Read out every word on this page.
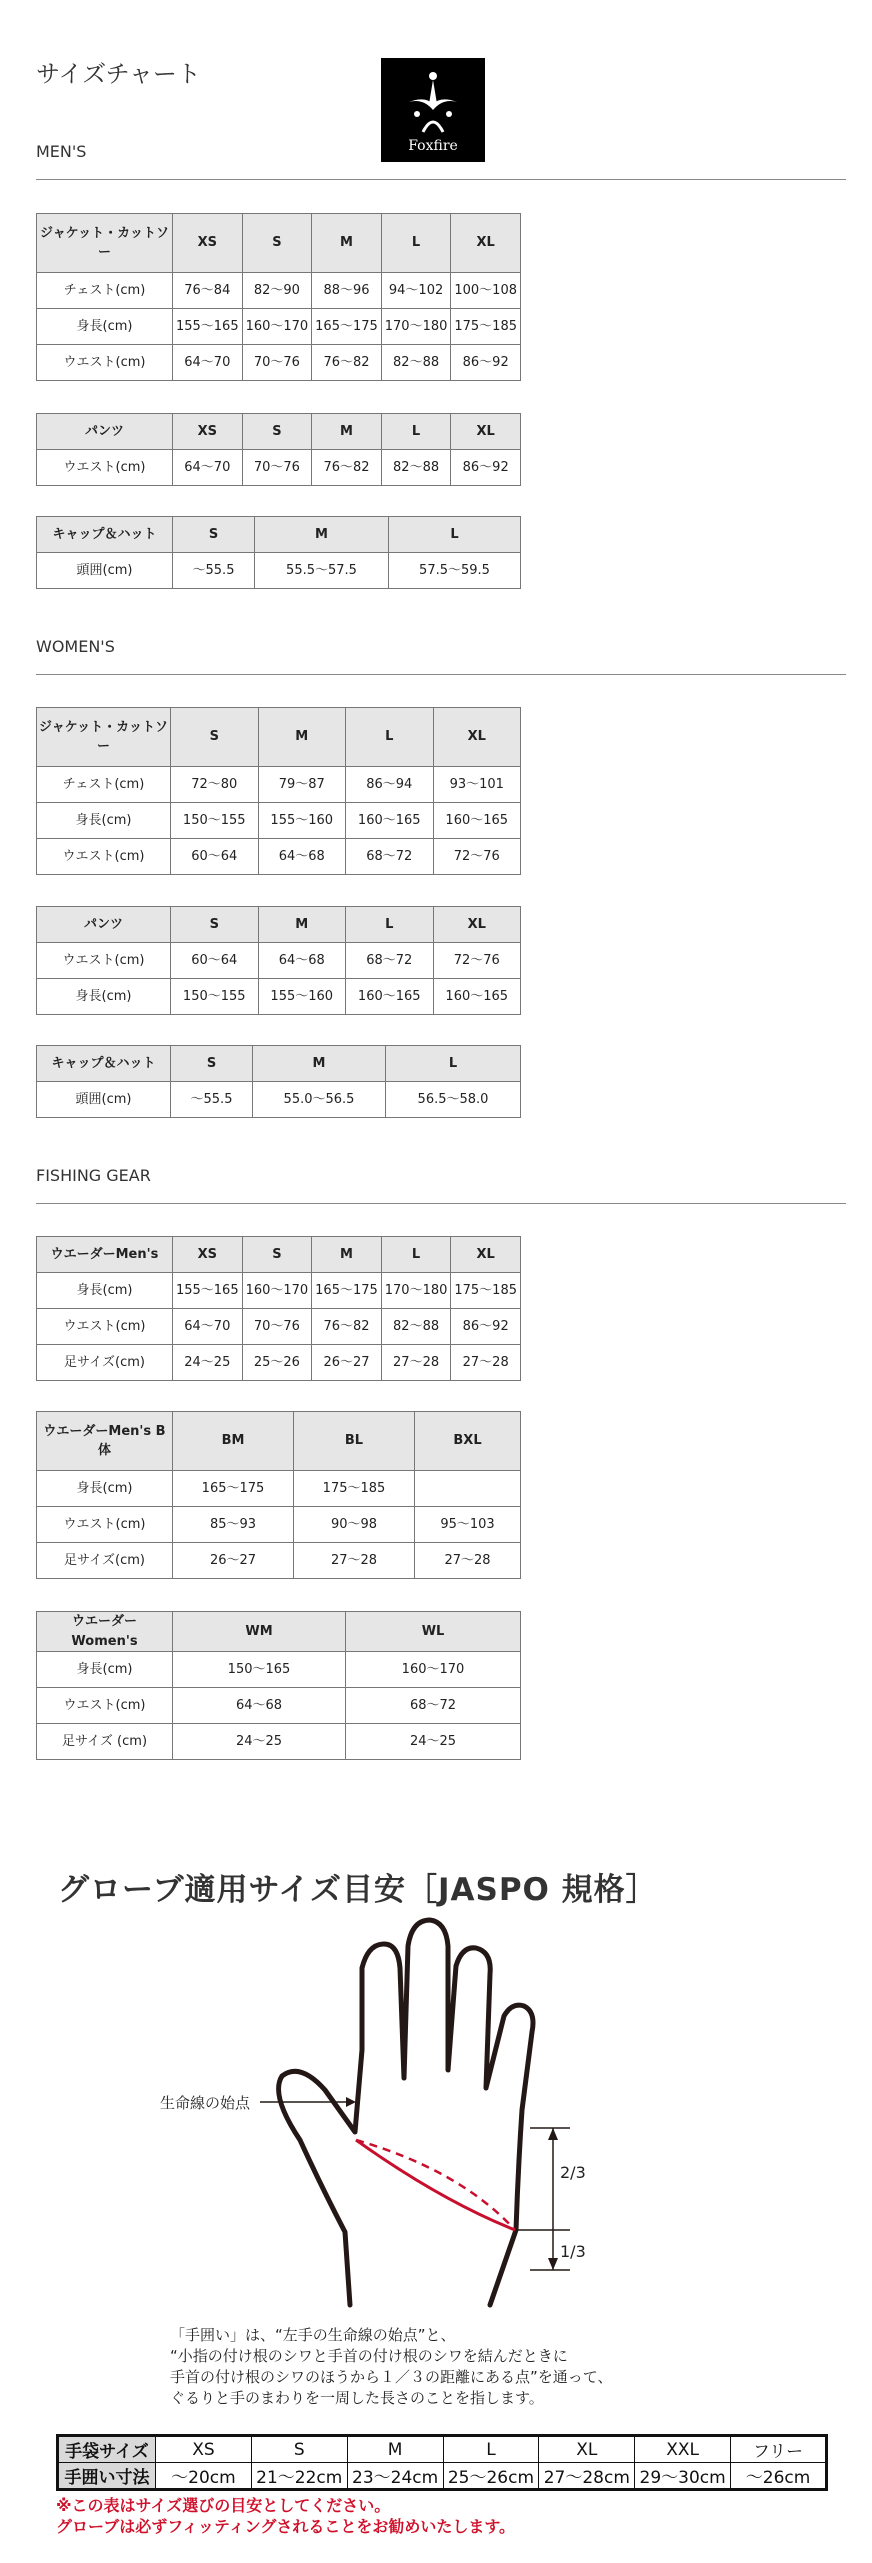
サイズチャート
Foxfire
MEN'S
ジャケット・カットソー	XS	S	M	L	XL
チェスト(cm)	76〜84	82〜90	88〜96	94〜102	100〜108
身長(cm)	155〜165	160〜170	165〜175	170〜180	175〜185
ウエスト(cm)	64〜70	70〜76	76〜82	82〜88	86〜92
パンツ	XS	S	M	L	XL
ウエスト(cm)	64〜70	70〜76	76〜82	82〜88	86〜92
キャップ＆ハット	S	M	L
頭囲(cm)	〜55.5	55.5〜57.5	57.5〜59.5
WOMEN'S
ジャケット・カットソー	S	M	L	XL
チェスト(cm)	72〜80	79〜87	86〜94	93〜101
身長(cm)	150〜155	155〜160	160〜165	160〜165
ウエスト(cm)	60〜64	64〜68	68〜72	72〜76
パンツ	S	M	L	XL
ウエスト(cm)	60〜64	64〜68	68〜72	72〜76
身長(cm)	150〜155	155〜160	160〜165	160〜165
キャップ＆ハット	S	M	L
頭囲(cm)	〜55.5	55.0〜56.5	56.5〜58.0
FISHING GEAR
ウエーダーMen's	XS	S	M	L	XL
身長(cm)	155〜165	160〜170	165〜175	170〜180	175〜185
ウエスト(cm)	64〜70	70〜76	76〜82	82〜88	86〜92
足サイズ(cm)	24〜25	25〜26	26〜27	27〜28	27〜28
ウエーダーMen's B体	BM	BL	BXL
身長(cm)	165〜175	175〜185	
ウエスト(cm)	85〜93	90〜98	95〜103
足サイズ(cm)	26〜27	27〜28	27〜28
ウエーダーWomen's	WM	WL
身長(cm)	150〜165	160〜170
ウエスト(cm)	64〜68	68〜72
足サイズ (cm)	24〜25	24〜25
グローブ適用サイズ目安［JASPO 規格］
生命線の始点
2/3
1/3
「手囲い」は、“左手の生命線の始点”と、
“小指の付け根のシワと手首の付け根のシワを結んだときに
手首の付け根のシワのほうから１／３の距離にある点”を通って、
ぐるりと手のまわりを一周した長さのことを指します。
手袋サイズ	XS	S	M	L	XL	XXL	フリー
手囲い寸法	〜20cm	21〜22cm	23〜24cm	25〜26cm	27〜28cm	29〜30cm	〜26cm

※この表はサイズ選びの目安としてください。

グローブは必ずフィッティングされることをお勧めいたします。
